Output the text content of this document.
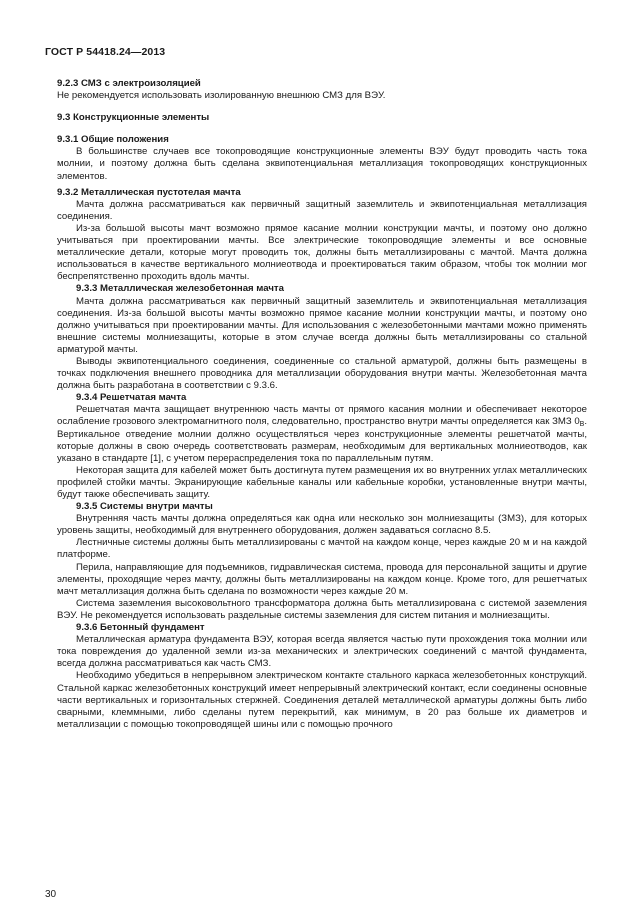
ГОСТ Р 54418.24—2013

9.2.3 СМЗ с электроизоляцией

Не рекомендуется использовать изолированную внешнюю СМЗ для ВЭУ.

9.3 Конструкционные элементы

9.3.1 Общие положения

В большинстве случаев все токопроводящие конструкционные элементы ВЭУ будут проводить часть тока молнии, и поэтому должна быть сделана эквипотенциальная металлизация токопроводящих конструкционных элементов.

9.3.2 Металлическая пустотелая мачта

Мачта должна рассматриваться как первичный защитный заземлитель и эквипотенциальная металлизация соединения.

Из-за большой высоты мачт возможно прямое касание молнии конструкции мачты, и поэтому оно должно учитываться при проектировании мачты. Все электрические токопроводящие элементы и все основные металлические детали, которые могут проводить ток, должны быть металлизированы с мачтой. Мачта должна использоваться в качестве вертикального молниеотвода и проектироваться таким образом, чтобы ток молнии мог беспрепятственно проходить вдоль мачты.

9.3.3 Металлическая железобетонная мачта

Мачта должна рассматриваться как первичный защитный заземлитель и эквипотенциальная металлизация соединения. Из-за большой высоты мачты возможно прямое касание молнии конструкции мачты, и поэтому оно должно учитываться при проектировании мачты. Для использования с железобетонными мачтами можно применять внешние системы молниезащиты, которые в этом случае всегда должны быть металлизированы со стальной арматурой мачты.

Выводы эквипотенциального соединения, соединенные со стальной арматурой, должны быть размещены в точках подключения внешнего проводника для металлизации оборудования внутри мачты. Железобетонная мачта должна быть разработана в соответствии с 9.3.6.

9.3.4 Решетчатая мачта

Решетчатая мачта защищает внутреннюю часть мачты от прямого касания молнии и обеспечивает некоторое ослабление грозового электромагнитного поля, следовательно, пространство внутри мачты определяется как ЗМЗ $0_В$. Вертикальное отведение молнии должно осуществляться через конструкционные элементы решетчатой мачты, которые должны в свою очередь соответствовать размерам, необходимым для вертикальных молниеотводов, как указано в стандарте [1], с учетом перераспределения тока по параллельным путям.

Некоторая защита для кабелей может быть достигнута путем размещения их во внутренних углах металлических профилей стойки мачты. Экранирующие кабельные каналы или кабельные коробки, установленные внутри мачты, будут также обеспечивать защиту.

9.3.5 Системы внутри мачты

Внутренняя часть мачты должна определяться как одна или несколько зон молниезащиты (ЗМЗ), для которых уровень защиты, необходимый для внутреннего оборудования, должен задаваться согласно 8.5.

Лестничные системы должны быть металлизированы с мачтой на каждом конце, через каждые 20 м и на каждой платформе.

Перила, направляющие для подъемников, гидравлическая система, провода для персональной защиты и другие элементы, проходящие через мачту, должны быть металлизированы на каждом конце. Кроме того, для решетчатых мачт металлизация должна быть сделана по возможности через каждые 20 м.

Система заземления высоковольтного трансформатора должна быть металлизирована с системой заземления ВЭУ. Не рекомендуется использовать раздельные системы заземления для систем питания и молниезащиты.

9.3.6 Бетонный фундамент

Металлическая арматура фундамента ВЭУ, которая всегда является частью пути прохождения тока молнии или тока повреждения до удаленной земли из-за механических и электрических соединений с мачтой фундамента, всегда должна рассматриваться как часть СМЗ.

Необходимо убедиться в непрерывном электрическом контакте стального каркаса железобетонных конструкций. Стальной каркас железобетонных конструкций имеет непрерывный электрический контакт, если соединены основные части вертикальных и горизонтальных стержней. Соединения деталей металлической арматуры должны быть либо сварными, клеммными, либо сделаны путем перекрытий, как минимум, в 20 раз больше их диаметров и металлизации с помощью токопроводящей шины или с помощью прочного

30
